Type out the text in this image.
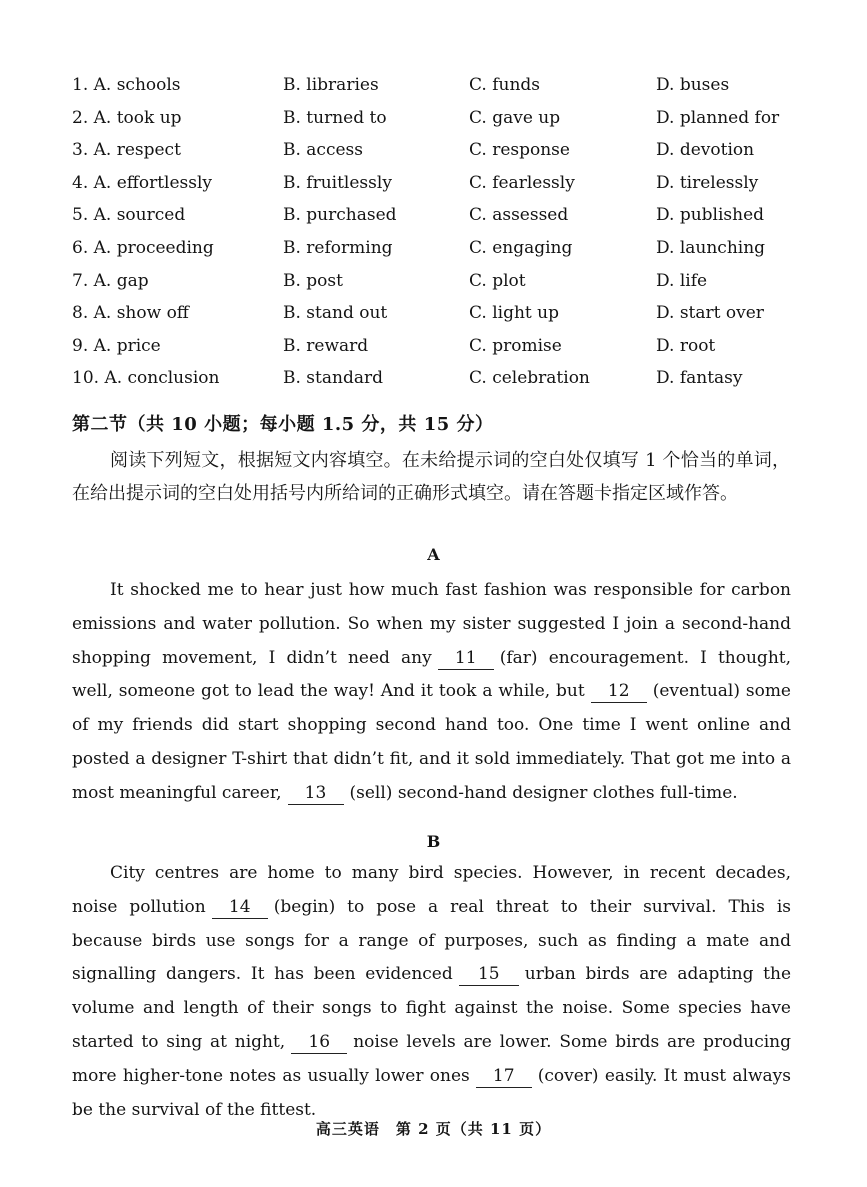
1. A. schools	B. libraries	C. funds	D. buses
2. A. took up	B. turned to	C. gave up	D. planned for
3. A. respect	B. access	C. response	D. devotion
4. A. effortlessly	B. fruitlessly	C. fearlessly	D. tirelessly
5. A. sourced	B. purchased	C. assessed	D. published
6. A. proceeding	B. reforming	C. engaging	D. launching
7. A. gap	B. post	C. plot	D. life
8. A. show off	B. stand out	C. light up	D. start over
9. A. price	B. reward	C. promise	D. root
10. A. conclusion	B. standard	C. celebration	D. fantasy
第二节（共 10 小题；每小题 1.5 分，共 15 分）
阅读下列短文，根据短文内容填空。在未给提示词的空白处仅填写 1 个恰当的单词，在给出提示词的空白处用括号内所给词的正确形式填空。请在答题卡指定区域作答。
A
It shocked me to hear just how much fast fashion was responsible for carbon emissions and water pollution. So when my sister suggested I join a second-hand shopping movement, I didn’t need any 11 (far) encouragement. I thought, well, someone got to lead the way! And it took a while, but 12 (eventual) some of my friends did start shopping second hand too. One time I went online and posted a designer T-shirt that didn’t fit, and it sold immediately. That got me into a most meaningful career, 13 (sell) second-hand designer clothes full-time.
B
City centres are home to many bird species. However, in recent decades, noise pollution 14 (begin) to pose a real threat to their survival. This is because birds use songs for a range of purposes, such as finding a mate and signalling dangers. It has been evidenced 15 urban birds are adapting the volume and length of their songs to fight against the noise. Some species have started to sing at night, 16 noise levels are lower. Some birds are producing more higher-tone notes as usually lower ones 17 (cover) easily. It must always be the survival of the fittest.
高三英语　第 2 页（共 11 页）
